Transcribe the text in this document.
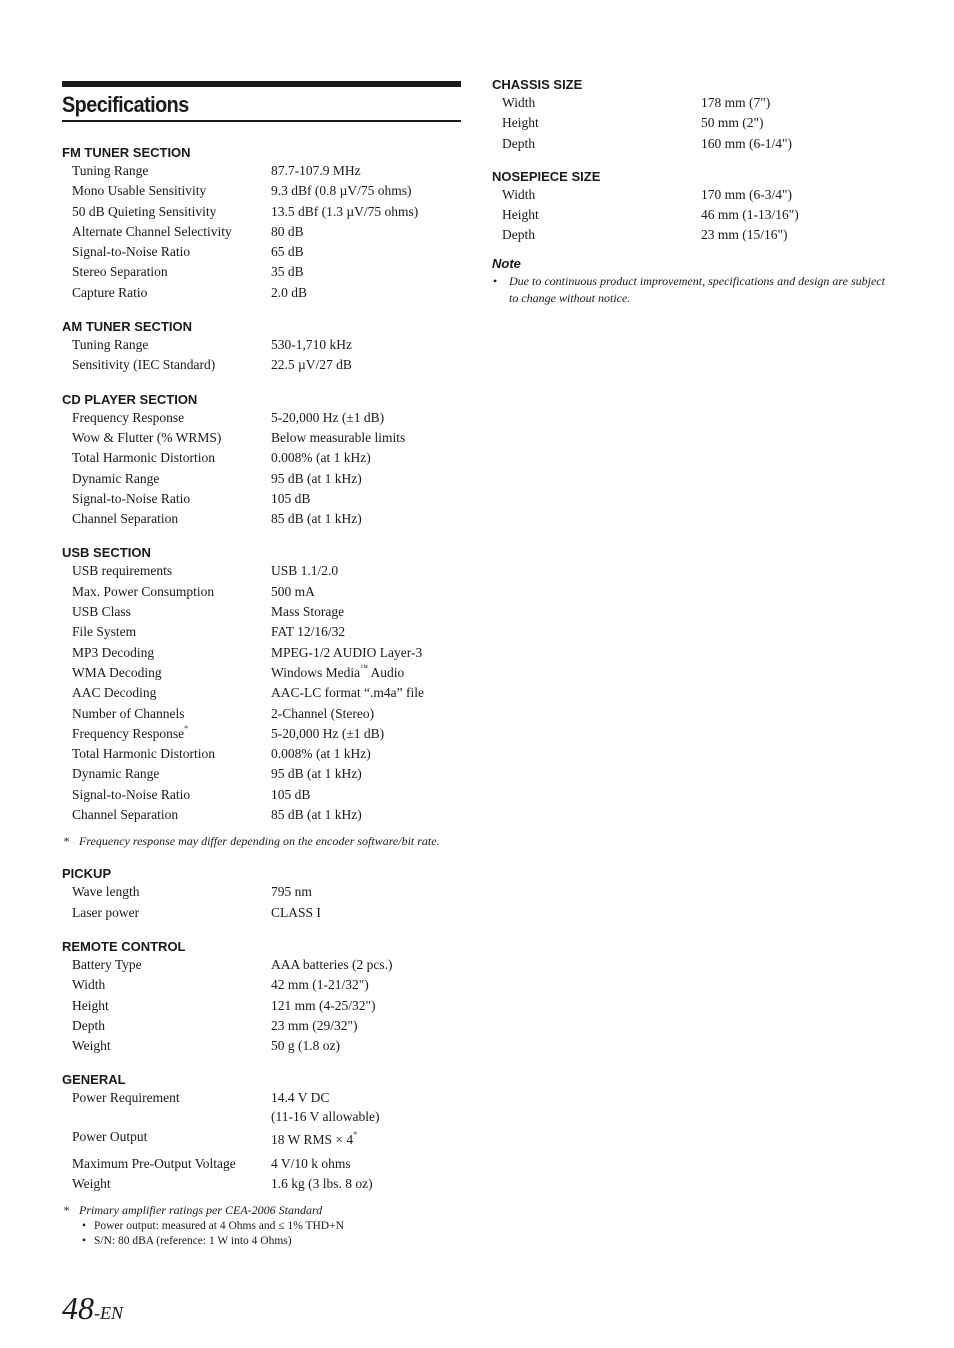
Specifications
FM TUNER SECTION
Tuning Range	87.7-107.9 MHz
Mono Usable Sensitivity	9.3 dBf (0.8 µV/75 ohms)
50 dB Quieting Sensitivity	13.5 dBf (1.3 µV/75 ohms)
Alternate Channel Selectivity	80 dB
Signal-to-Noise Ratio	65 dB
Stereo Separation	35 dB
Capture Ratio	2.0 dB
AM TUNER SECTION
Tuning Range	530-1,710 kHz
Sensitivity (IEC Standard)	22.5 µV/27 dB
CD PLAYER SECTION
Frequency Response	5-20,000 Hz (±1 dB)
Wow & Flutter (% WRMS)	Below measurable limits
Total Harmonic Distortion	0.008% (at 1 kHz)
Dynamic Range	95 dB (at 1 kHz)
Signal-to-Noise Ratio	105 dB
Channel Separation	85 dB (at 1 kHz)
USB SECTION
USB requirements	USB 1.1/2.0
Max. Power Consumption	500 mA
USB Class	Mass Storage
File System	FAT 12/16/32
MP3 Decoding	MPEG-1/2 AUDIO Layer-3
WMA Decoding	Windows Media™ Audio
AAC Decoding	AAC-LC format “.m4a” file
Number of Channels	2-Channel (Stereo)
Frequency Response*	5-20,000 Hz (±1 dB)
Total Harmonic Distortion	0.008% (at 1 kHz)
Dynamic Range	95 dB (at 1 kHz)
Signal-to-Noise Ratio	105 dB
Channel Separation	85 dB (at 1 kHz)
* Frequency response may differ depending on the encoder software/bit rate.
PICKUP
Wave length	795 nm
Laser power	CLASS I
REMOTE CONTROL
Battery Type	AAA batteries (2 pcs.)
Width	42 mm (1-21/32")
Height	121 mm (4-25/32")
Depth	23 mm (29/32")
Weight	50 g (1.8 oz)
GENERAL
Power Requirement	14.4 V DC
(11-16 V allowable)
Power Output	18 W RMS × 4*
Maximum Pre-Output Voltage	4 V/10 k ohms
Weight	1.6 kg (3 lbs. 8 oz)
* Primary amplifier ratings per CEA-2006 Standard
• Power output: measured at 4 Ohms and ≤ 1% THD+N
• S/N: 80 dBA (reference: 1 W into 4 Ohms)
CHASSIS SIZE
Width	178 mm (7")
Height	50 mm (2")
Depth	160 mm (6-1/4")
NOSEPIECE SIZE
Width	170 mm (6-3/4")
Height	46 mm (1-13/16")
Depth	23 mm (15/16")
Note
• Due to continuous product improvement, specifications and design are subject to change without notice.
48-EN
